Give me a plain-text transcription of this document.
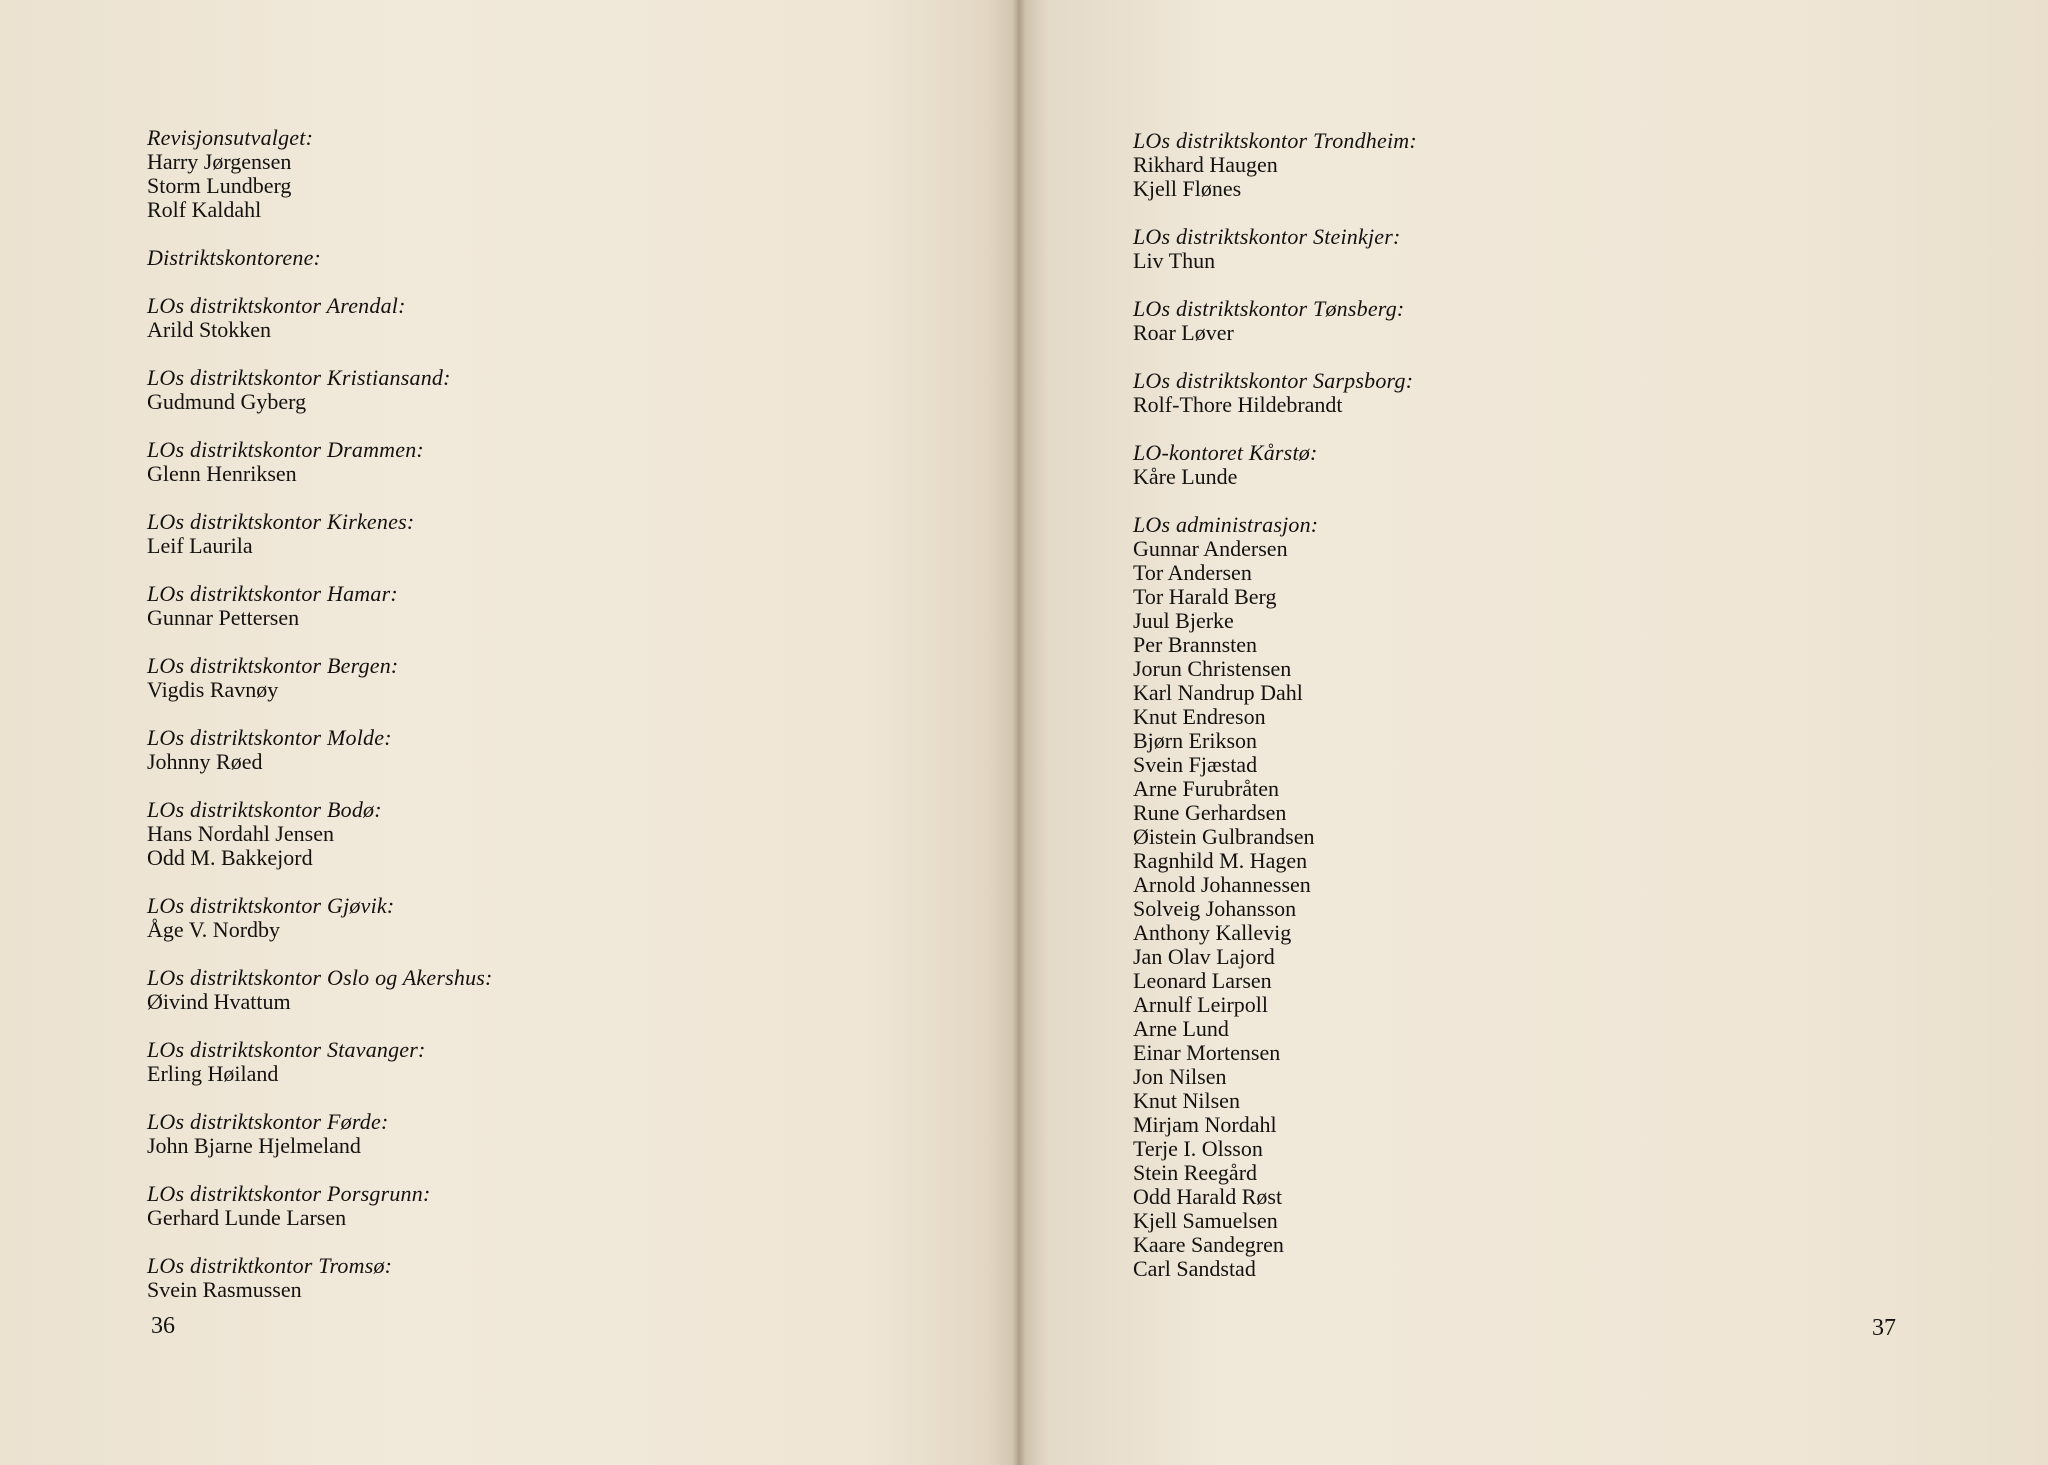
Revisjonsutvalget:
Harry Jørgensen
Storm Lundberg
Rolf Kaldahl
Distriktskontorene:
LOs distriktskontor Arendal:
Arild Stokken
LOs distriktskontor Kristiansand:
Gudmund Gyberg
LOs distriktskontor Drammen:
Glenn Henriksen
LOs distriktskontor Kirkenes:
Leif Laurila
LOs distriktskontor Hamar:
Gunnar Pettersen
LOs distriktskontor Bergen:
Vigdis Ravnøy
LOs distriktskontor Molde:
Johnny Røed
LOs distriktskontor Bodø:
Hans Nordahl Jensen
Odd M. Bakkejord
LOs distriktskontor Gjøvik:
Åge V. Nordby
LOs distriktskontor Oslo og Akershus:
Øivind Hvattum
LOs distriktskontor Stavanger:
Erling Høiland
LOs distriktskontor Førde:
John Bjarne Hjelmeland
LOs distriktskontor Porsgrunn:
Gerhard Lunde Larsen
LOs distriktkontor Tromsø:
Svein Rasmussen
LOs distriktskontor Trondheim:
Rikhard Haugen
Kjell Flønes
LOs distriktskontor Steinkjer:
Liv Thun
LOs distriktskontor Tønsberg:
Roar Løver
LOs distriktskontor Sarpsborg:
Rolf-Thore Hildebrandt
LO-kontoret Kårstø:
Kåre Lunde
LOs administrasjon:
Gunnar Andersen
Tor Andersen
Tor Harald Berg
Juul Bjerke
Per Brannsten
Jorun Christensen
Karl Nandrup Dahl
Knut Endreson
Bjørn Erikson
Svein Fjæstad
Arne Furubråten
Rune Gerhardsen
Øistein Gulbrandsen
Ragnhild M. Hagen
Arnold Johannessen
Solveig Johansson
Anthony Kallevig
Jan Olav Lajord
Leonard Larsen
Arnulf Leirpoll
Arne Lund
Einar Mortensen
Jon Nilsen
Knut Nilsen
Mirjam Nordahl
Terje I. Olsson
Stein Reegård
Odd Harald Røst
Kjell Samuelsen
Kaare Sandegren
Carl Sandstad
36	37
